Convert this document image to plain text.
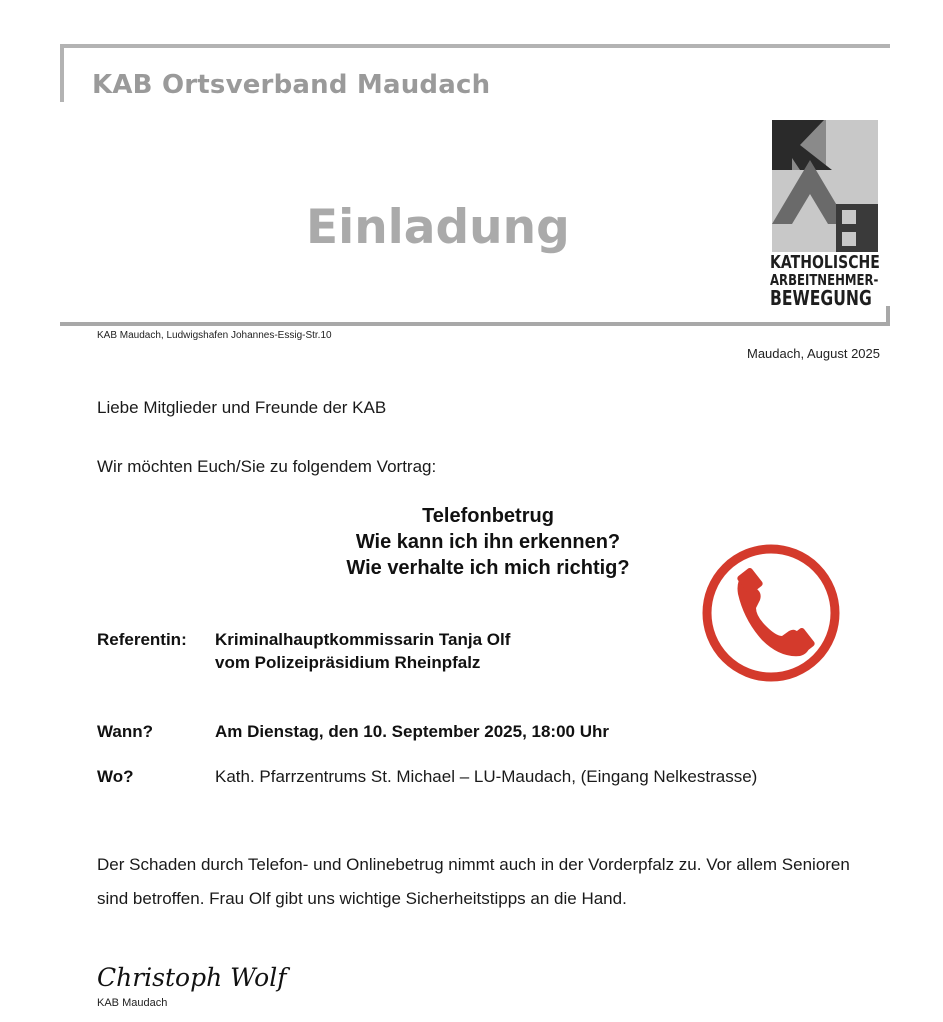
KAB Ortsverband Maudach
Einladung
KATHOLISCHE
ARBEITNEHMER-
BEWEGUNG
KAB Maudach, Ludwigshafen Johannes-Essig-Str.10
Maudach, August 2025
Liebe Mitglieder und Freunde der KAB
Wir möchten Euch/Sie zu folgendem Vortrag:
Telefonbetrug
Wie kann ich ihn erkennen?
Wie verhalte ich mich richtig?
Referentin: Kriminalhauptkommissarin Tanja Olf
vom Polizeipräsidium Rheinpfalz
Wann?	Am Dienstag, den 10. September 2025, 18:00 Uhr
Wo?	Kath. Pfarrzentrums St. Michael – LU-Maudach, (Eingang Nelkestrasse)
Der Schaden durch Telefon- und Onlinebetrug nimmt auch in der Vorderpfalz zu. Vor allem Senioren sind betroffen. Frau Olf gibt uns wichtige Sicherheitstipps an die Hand.
Christoph Wolf
KAB Maudach
